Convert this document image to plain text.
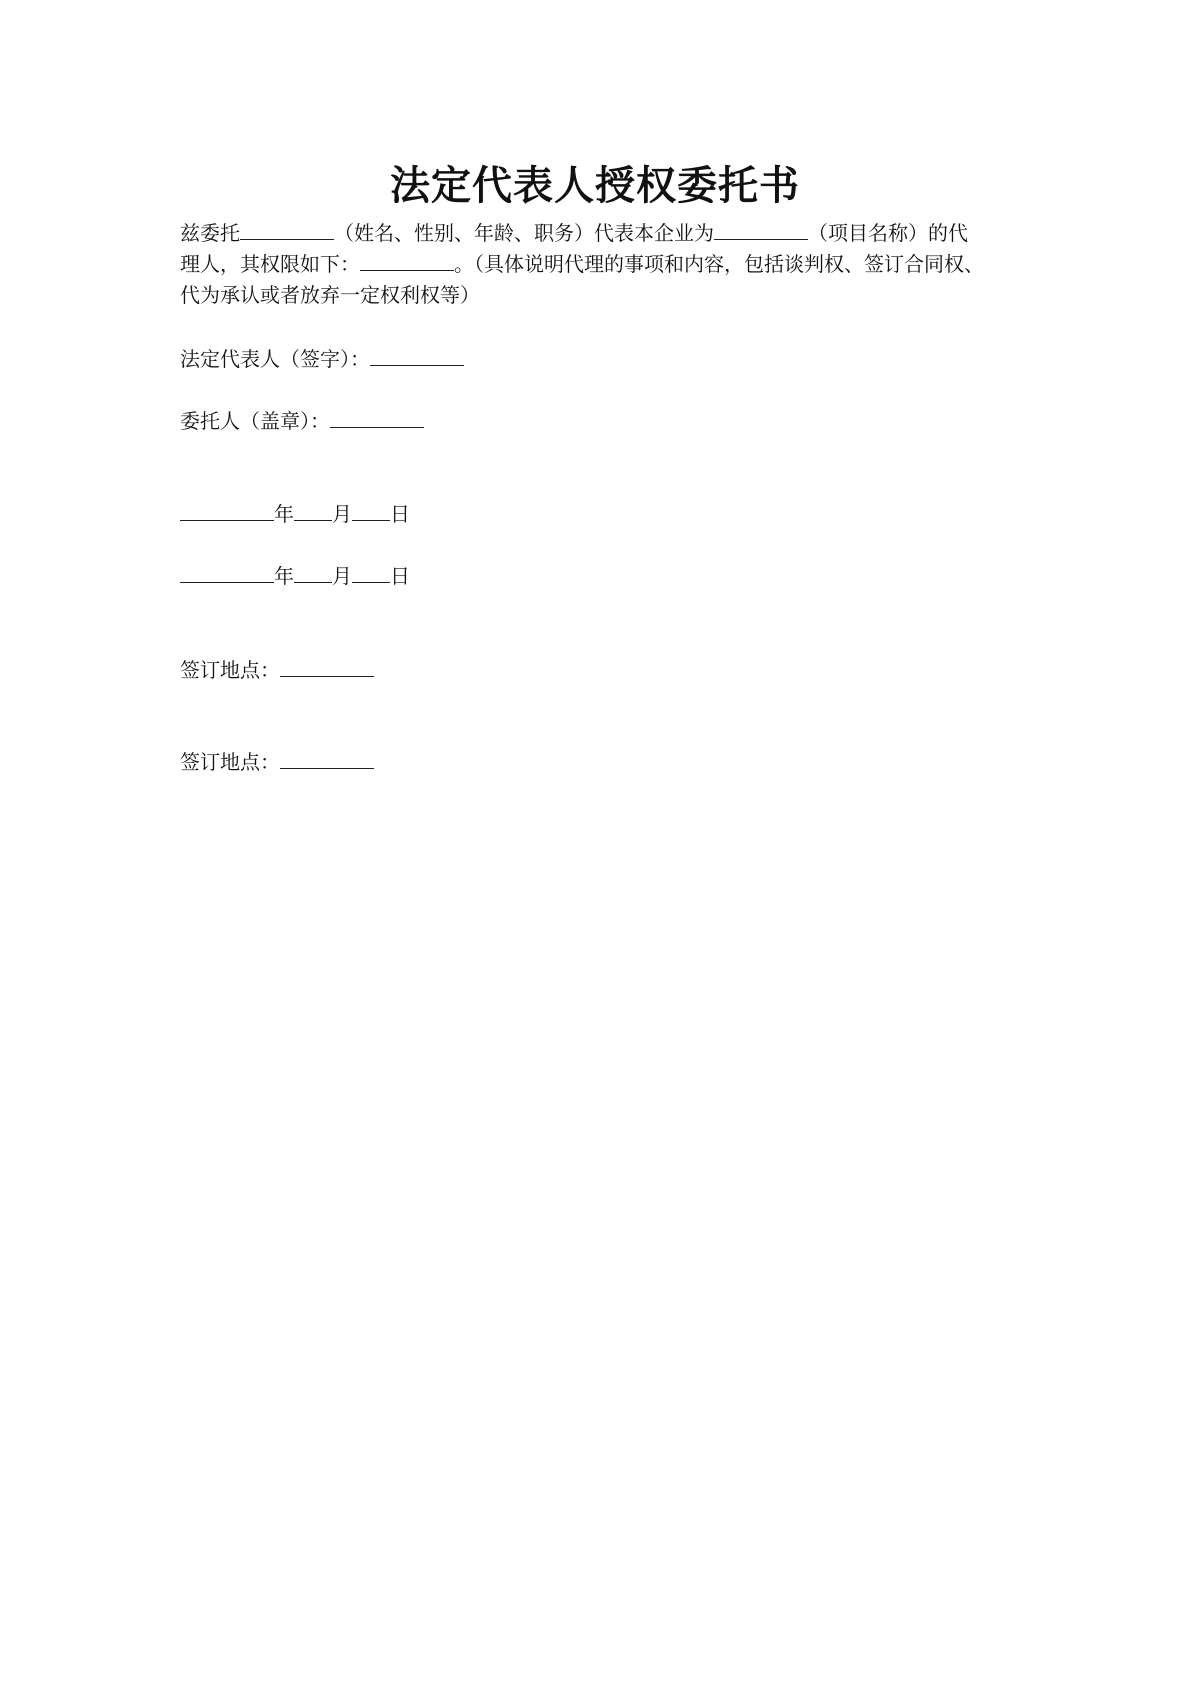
法定代表人授权委托书

兹委托	（姓名、性别、年龄、职务）代表本企业为	（项目名称）的代

理人，其权限如下：	。（具体说明代理的事项和内容，包括谈判权、签订合同权、

代为承认或者放弃一定权利权等）

法定代表人（签字）：

委托人（盖章）：

年 月 日

年 月 日

签订地点：

签订地点：
